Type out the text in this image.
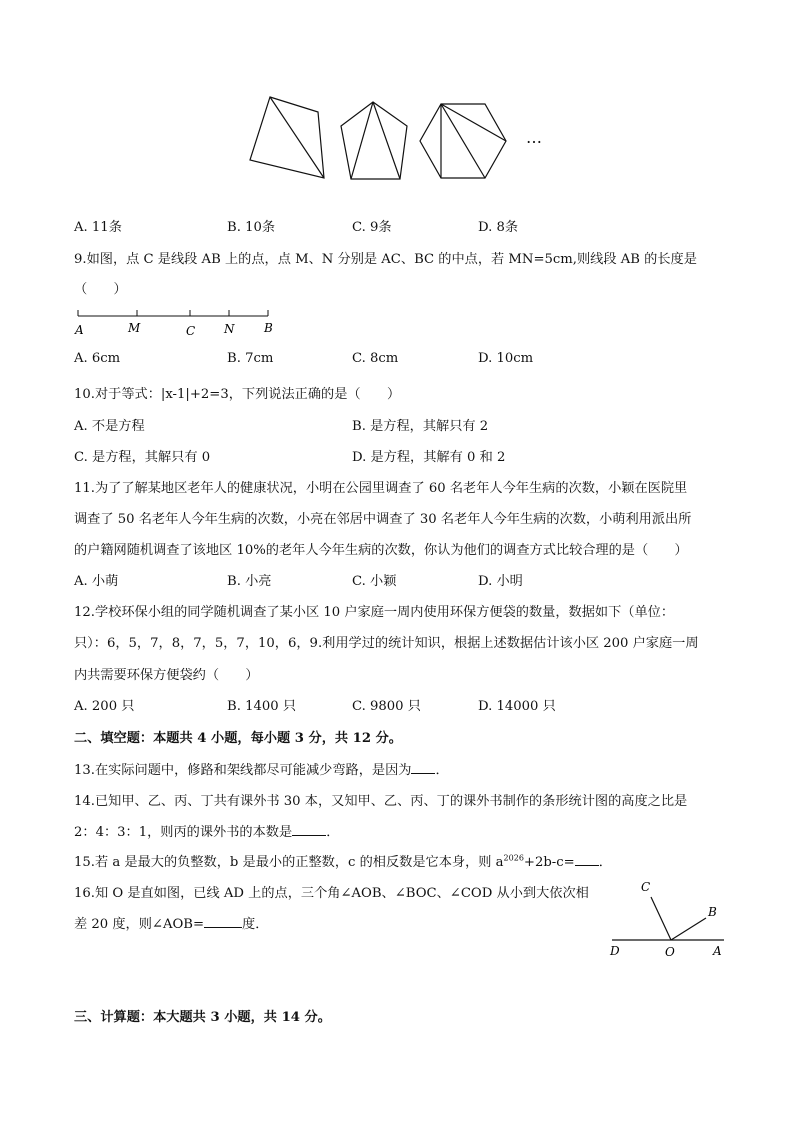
…
A. 11条	B. 10条	C. 9条	D. 8条
9.如图，点 C 是线段 AB 上的点，点 M、N 分别是 AC、BC 的中点，若 MN=5cm,则线段 AB 的长度是
（　　）
A	M	C N B
A. 6cm	B. 7cm	C. 8cm	D. 10cm
10.对于等式：|x-1|+2=3，下列说法正确的是（　　）
A. 不是方程	B. 是方程，其解只有 2
C. 是方程，其解只有 0	D. 是方程，其解有 0 和 2
11.为了了解某地区老年人的健康状况，小明在公园里调查了 60 名老年人今年生病的次数，小颖在医院里
调查了 50 名老年人今年生病的次数，小亮在邻居中调查了 30 名老年人今年生病的次数，小萌利用派出所
的户籍网随机调查了该地区 10%的老年人今年生病的次数，你认为他们的调查方式比较合理的是（　　）
A. 小萌	B. 小亮	C. 小颖	D. 小明
12.学校环保小组的同学随机调查了某小区 10 户家庭一周内使用环保方便袋的数量，数据如下（单位：
只）：6，5，7，8，7，5，7，10，6，9.利用学过的统计知识，根据上述数据估计该小区 200 户家庭一周
内共需要环保方便袋约（　　）
A. 200 只	B. 1400 只	C. 9800 只	D. 14000 只
二、填空题：本题共 4 小题，每小题 3 分，共 12 分。
13.在实际问题中，修路和架线都尽可能减少弯路，是因为 ．
14.已知甲、乙、丙、丁共有课外书 30 本，又知甲、乙、丙、丁的课外书制作的条形统计图的高度之比是
2：4：3：1，则丙的课外书的本数是	．
15.若 a 是最大的负整数，b 是最小的正整数，c 的相反数是它本身，则 $a^{2026}+2b-c=$ ．
16.知 O 是直如图，已线 AD 上的点，三个角∠AOB、∠BOC、∠COD 从小到大依次相
差 20 度，则∠AOB=	度．
C
B
D	O	A
三、计算题：本大题共 3 小题，共 14 分。
